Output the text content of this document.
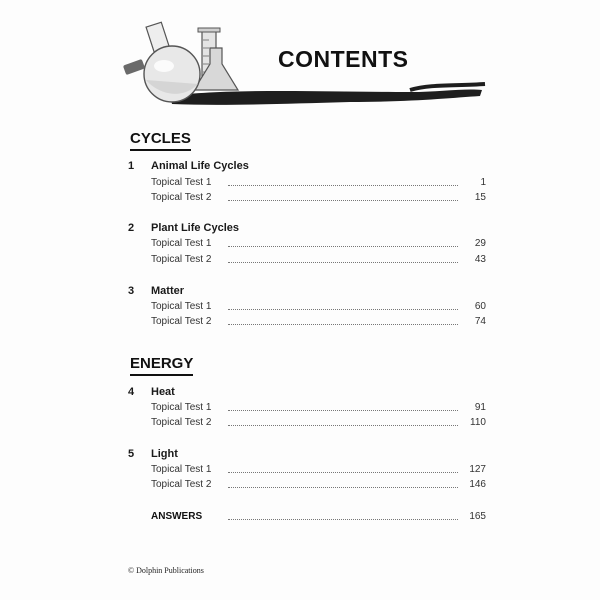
CONTENTS
CYCLES
1 Animal Life Cycles
Topical Test 1	1
Topical Test 2	15
2 Plant Life Cycles
Topical Test 1	29
Topical Test 2	43
3 Matter
Topical Test 1	60
Topical Test 2	74
ENERGY
4 Heat
Topical Test 1	91
Topical Test 2	110
5 Light
Topical Test 1	127
Topical Test 2	146
ANSWERS	165
© Dolphin Publications
